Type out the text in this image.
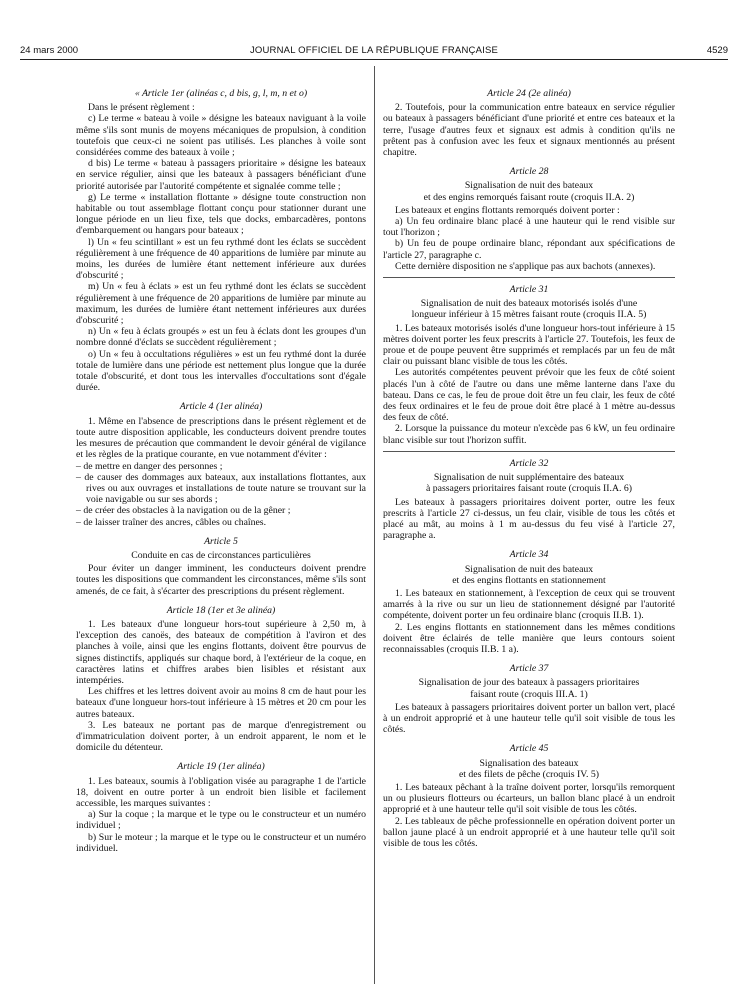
24 mars 2000	JOURNAL OFFICIEL DE LA RÉPUBLIQUE FRANÇAISE	4529
« Article 1er (alinéas c, d bis, g, l, m, n et o)

Dans le présent règlement :

c) Le terme « bateau à voile » désigne les bateaux naviguant à la voile même s'ils sont munis de moyens mécaniques de propulsion, à condition toutefois que ceux-ci ne soient pas utilisés. Les planches à voile sont considérées comme des bateaux à voile ;

d bis) Le terme « bateau à passagers prioritaire » désigne les bateaux en service régulier, ainsi que les bateaux à passagers bénéficiant d'une priorité autorisée par l'autorité compétente et signalée comme telle ;

g) Le terme « installation flottante » désigne toute construction non habitable ou tout assemblage flottant conçu pour stationner durant une longue période en un lieu fixe, tels que docks, embarcadères, pontons d'embarquement ou hangars pour bateaux ;

l) Un « feu scintillant » est un feu rythmé dont les éclats se succèdent régulièrement à une fréquence de 40 apparitions de lumière par minute au moins, les durées de lumière étant nettement inférieure aux durées d'obscurité ;

m) Un « feu à éclats » est un feu rythmé dont les éclats se succèdent régulièrement à une fréquence de 20 apparitions de lumière par minute au maximum, les durées de lumière étant nettement inférieures aux durées d'obscurité ;

n) Un « feu à éclats groupés » est un feu à éclats dont les groupes d'un nombre donné d'éclats se succèdent régulièrement ;

o) Un « feu à occultations régulières » est un feu rythmé dont la durée totale de lumière dans une période est nettement plus longue que la durée totale d'obscurité, et dont tous les intervalles d'occultations sont d'égale durée.

Article 4 (1er alinéa)

1. Même en l'absence de prescriptions dans le présent règlement et de toute autre disposition applicable, les conducteurs doivent prendre toutes les mesures de précaution que commandent le devoir général de vigilance et les règles de la pratique courante, en vue notamment d'éviter :

– de mettre en danger des personnes ;
– de causer des dommages aux bateaux, aux installations flottantes, aux rives ou aux ouvrages et installations de toute nature se trouvant sur la voie navigable ou sur ses abords ;
– de créer des obstacles à la navigation ou de la gêner ;
– de laisser traîner des ancres, câbles ou chaînes.
Article 5
Conduite en cas de circonstances particulières

Pour éviter un danger imminent, les conducteurs doivent prendre toutes les dispositions que commandent les circonstances, même s'ils sont amenés, de ce fait, à s'écarter des prescriptions du présent règlement.

Article 18 (1er et 3e alinéa)

1. Les bateaux d'une longueur hors-tout supérieure à 2,50 m, à l'exception des canoës, des bateaux de compétition à l'aviron et des planches à voile, ainsi que les engins flottants, doivent être pourvus de signes distinctifs, appliqués sur chaque bord, à l'extérieur de la coque, en caractères latins et chiffres arabes bien lisibles et résistant aux intempéries.

Les chiffres et les lettres doivent avoir au moins 8 cm de haut pour les bateaux d'une longueur hors-tout inférieure à 15 mètres et 20 cm pour les autres bateaux.

3. Les bateaux ne portant pas de marque d'enregistrement ou d'immatriculation doivent porter, à un endroit apparent, le nom et le domicile du détenteur.

Article 19 (1er alinéa)

1. Les bateaux, soumis à l'obligation visée au paragraphe 1 de l'article 18, doivent en outre porter à un endroit bien lisible et facilement accessible, les marques suivantes :

a) Sur la coque ; la marque et le type ou le constructeur et un numéro individuel ;

b) Sur le moteur ; la marque et le type ou le constructeur et un numéro individuel.

Article 24 (2e alinéa)

2. Toutefois, pour la communication entre bateaux en service régulier ou bateaux à passagers bénéficiant d'une priorité et entre ces bateaux et la terre, l'usage d'autres feux et signaux est admis à condition qu'ils ne prêtent pas à confusion avec les feux et signaux mentionnés au présent chapitre.

Article 28
Signalisation de nuit des bateaux
et des engins remorqués faisant route (croquis II.A. 2)

Les bateaux et engins flottants remorqués doivent porter :

a) Un feu ordinaire blanc placé à une hauteur qui le rend visible sur tout l'horizon ;

b) Un feu de poupe ordinaire blanc, répondant aux spécifications de l'article 27, paragraphe c.

Cette dernière disposition ne s'applique pas aux bachots (annexes).

Article 31
Signalisation de nuit des bateaux motorisés isolés d'une
longueur inférieur à 15 mètres faisant route (croquis II.A. 5)

1. Les bateaux motorisés isolés d'une longueur hors-tout inférieure à 15 mètres doivent porter les feux prescrits à l'article 27. Toutefois, les feux de proue et de poupe peuvent être supprimés et remplacés par un feu de mât clair ou puissant blanc visible de tous les côtés.

Les autorités compétentes peuvent prévoir que les feux de côté soient placés l'un à côté de l'autre ou dans une même lanterne dans l'axe du bateau. Dans ce cas, le feu de proue doit être un feu clair, les feux de côté des feux ordinaires et le feu de proue doit être placé à 1 mètre au-dessus des feux de côté.

2. Lorsque la puissance du moteur n'excède pas 6 kW, un feu ordinaire blanc visible sur tout l'horizon suffit.

Article 32
Signalisation de nuit supplémentaire des bateaux
à passagers prioritaires faisant route (croquis II.A. 6)

Les bateaux à passagers prioritaires doivent porter, outre les feux prescrits à l'article 27 ci-dessus, un feu clair, visible de tous les côtés et placé au mât, au moins à 1 m au-dessus du feu visé à l'article 27, paragraphe a.

Article 34
Signalisation de nuit des bateaux
et des engins flottants en stationnement

1. Les bateaux en stationnement, à l'exception de ceux qui se trouvent amarrés à la rive ou sur un lieu de stationnement désigné par l'autorité compétente, doivent porter un feu ordinaire blanc (croquis II.B. 1).

2. Les engins flottants en stationnement dans les mêmes conditions doivent être éclairés de telle manière que leurs contours soient reconnaissables (croquis II.B. 1 a).

Article 37
Signalisation de jour des bateaux à passagers prioritaires
faisant route (croquis III.A. 1)

Les bateaux à passagers prioritaires doivent porter un ballon vert, placé à un endroit approprié et à une hauteur telle qu'il soit visible de tous les côtés.

Article 45
Signalisation des bateaux
et des filets de pêche (croquis IV. 5)

1. Les bateaux pêchant à la traîne doivent porter, lorsqu'ils remorquent un ou plusieurs flotteurs ou écarteurs, un ballon blanc placé à un endroit approprié et à une hauteur telle qu'il soit visible de tous les côtés.

2. Les tableaux de pêche professionnelle en opération doivent porter un ballon jaune placé à un endroit approprié et à une hauteur telle qu'il soit visible de tous les côtés.
